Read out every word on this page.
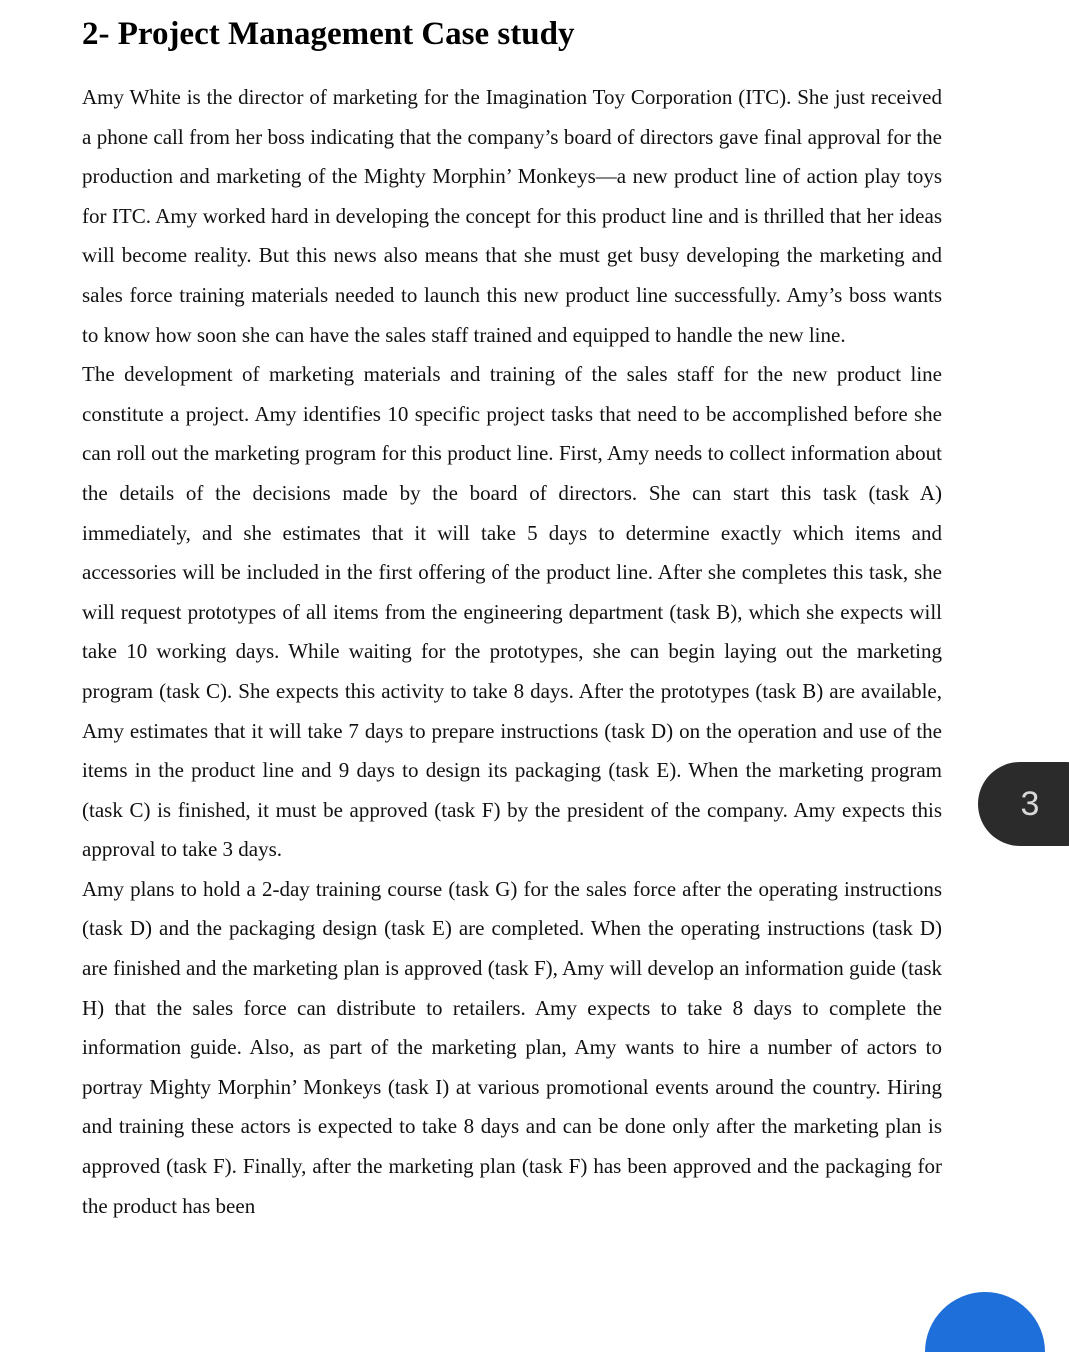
2- Project Management Case study

Amy White is the director of marketing for the Imagination Toy Corporation (ITC). She just received a phone call from her boss indicating that the company’s board of directors gave final approval for the production and marketing of the Mighty Morphin’ Monkeys—a new product line of action play toys for ITC. Amy worked hard in developing the concept for this product line and is thrilled that her ideas will become reality. But this news also means that she must get busy developing the marketing and sales force training materials needed to launch this new product line successfully. Amy’s boss wants to know how soon she can have the sales staff trained and equipped to handle the new line.

The development of marketing materials and training of the sales staff for the new product line constitute a project. Amy identifies 10 specific project tasks that need to be accomplished before she can roll out the marketing program for this product line. First, Amy needs to collect information about the details of the decisions made by the board of directors. She can start this task (task A) immediately, and she estimates that it will take 5 days to determine exactly which items and accessories will be included in the first offering of the product line. After she completes this task, she will request prototypes of all items from the engineering department (task B), which she expects will take 10 working days. While waiting for the prototypes, she can begin laying out the marketing program (task C). She expects this activity to take 8 days. After the prototypes (task B) are available, Amy estimates that it will take 7 days to prepare instructions (task D) on the operation and use of the items in the product line and 9 days to design its packaging (task E). When the marketing program (task C) is finished, it must be approved (task F) by the president of the company. Amy expects this approval to take 3 days.

Amy plans to hold a 2-day training course (task G) for the sales force after the operating instructions (task D) and the packaging design (task E) are completed. When the operating instructions (task D) are finished and the marketing plan is approved (task F), Amy will develop an information guide (task H) that the sales force can distribute to retailers. Amy expects to take 8 days to complete the information guide. Also, as part of the marketing plan, Amy wants to hire a number of actors to portray Mighty Morphin’ Monkeys (task I) at various promotional events around the country. Hiring and training these actors is expected to take 8 days and can be done only after the marketing plan is approved (task F). Finally, after the marketing plan (task F) has been approved and the packaging for the product has been

3
